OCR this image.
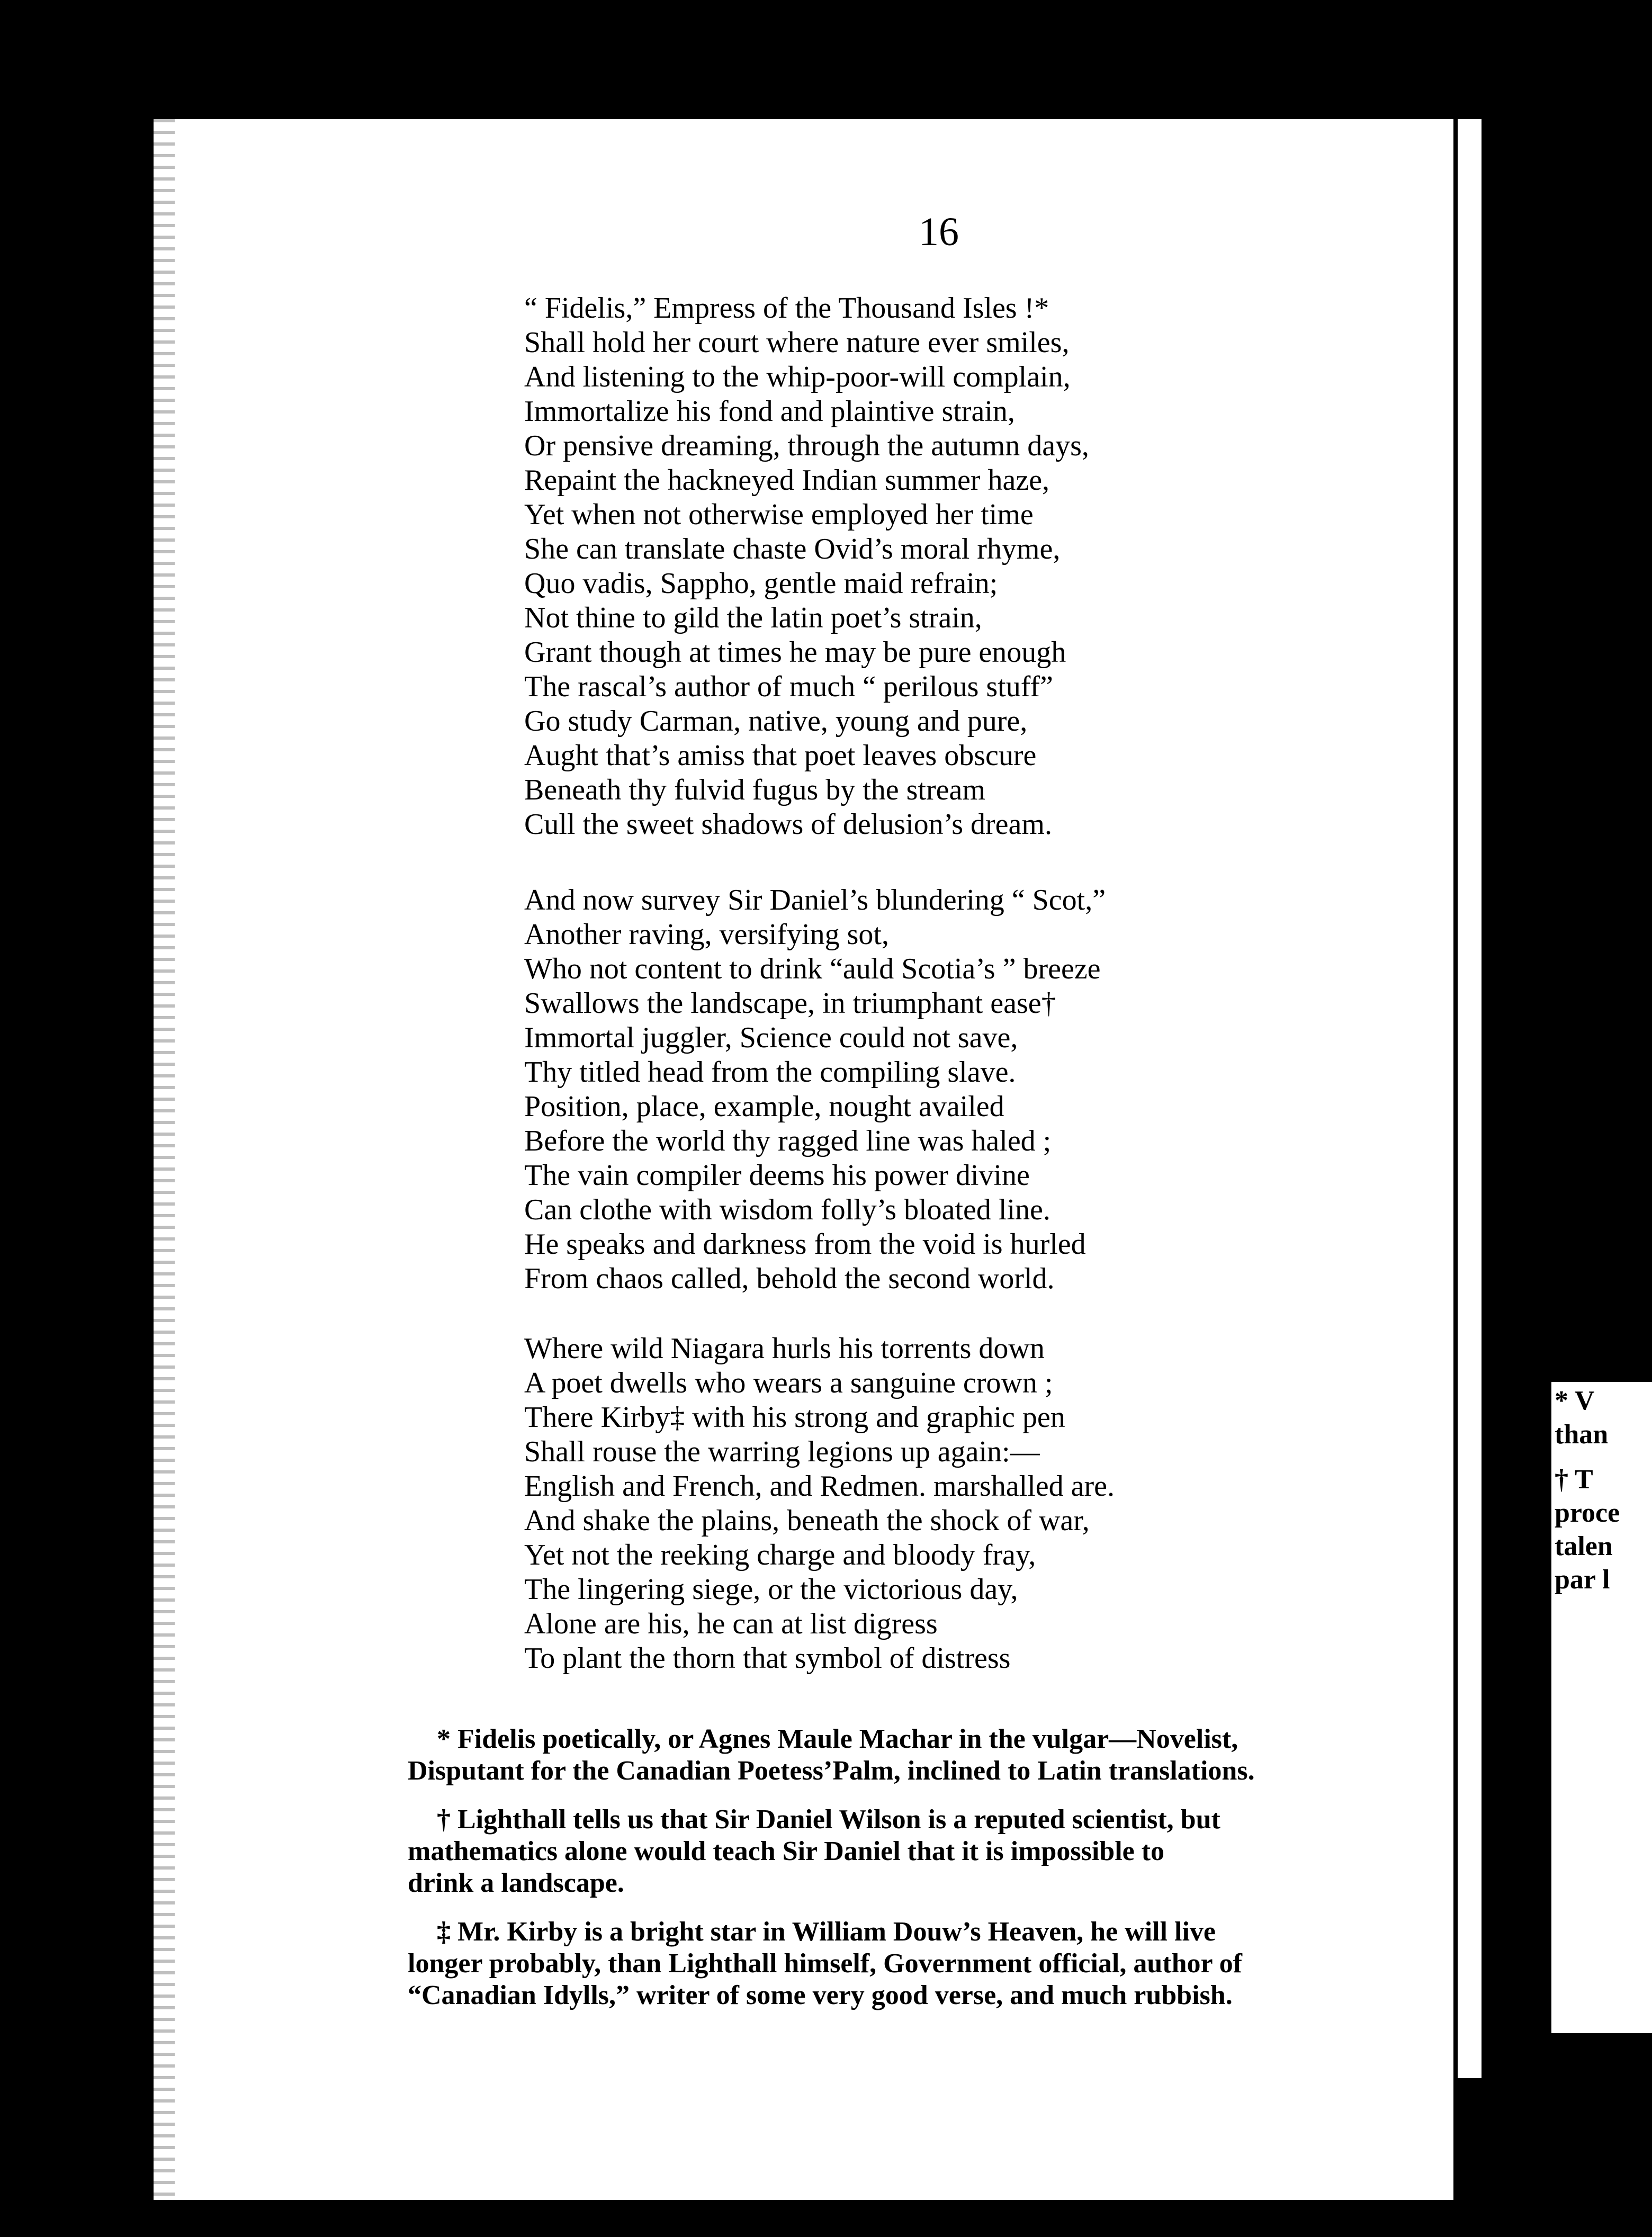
* V
than
† T
proce
talen
par l
16
“ Fidelis,” Empress of the Thousand Isles !*
Shall hold her court where nature ever smiles,
And listening to the whip-poor-will complain,
Immortalize his fond and plaintive strain,
Or pensive dreaming, through the autumn days,
Repaint the hackneyed Indian summer haze,
Yet when not otherwise employed her time
She can translate chaste Ovid’s moral rhyme,
Quo vadis, Sappho, gentle maid refrain;
Not thine to gild the latin poet’s strain,
Grant though at times he may be pure enough
The rascal’s author of much “ perilous stuff”
Go study Carman, native, young and pure,
Aught that’s amiss that poet leaves obscure
Beneath thy fulvid fugus by the stream
Cull the sweet shadows of delusion’s dream.
And now survey Sir Daniel’s blundering “ Scot,”
Another raving, versifying sot,
Who not content to drink “auld Scotia’s ” breeze
Swallows the landscape, in triumphant ease†
Immortal juggler, Science could not save,
Thy titled head from the compiling slave.
Position, place, example, nought availed
Before the world thy ragged line was haled ;
The vain compiler deems his power divine
Can clothe with wisdom folly’s bloated line.
He speaks and darkness from the void is hurled
From chaos called, behold the second world.
Where wild Niagara hurls his torrents down
A poet dwells who wears a sanguine crown ;
There Kirby‡ with his strong and graphic pen
Shall rouse the warring legions up again:—
English and French, and Redmen. marshalled are.
And shake the plains, beneath the shock of war,
Yet not the reeking charge and bloody fray,
The lingering siege, or the victorious day,
Alone are his, he can at list digress
To plant the thorn that symbol of distress
* Fidelis poetically, or Agnes Maule Machar in the vulgar—Novelist,
Disputant for the Canadian Poetess’Palm, inclined to Latin translations.
† Lighthall tells us that Sir Daniel Wilson is a reputed scientist, but
mathematics alone would teach Sir Daniel that it is impossible to
drink a landscape.
‡ Mr. Kirby is a bright star in William Douw’s Heaven, he will live
longer probably, than Lighthall himself, Government official, author of
“Canadian Idylls,” writer of some very good verse, and much rubbish.
